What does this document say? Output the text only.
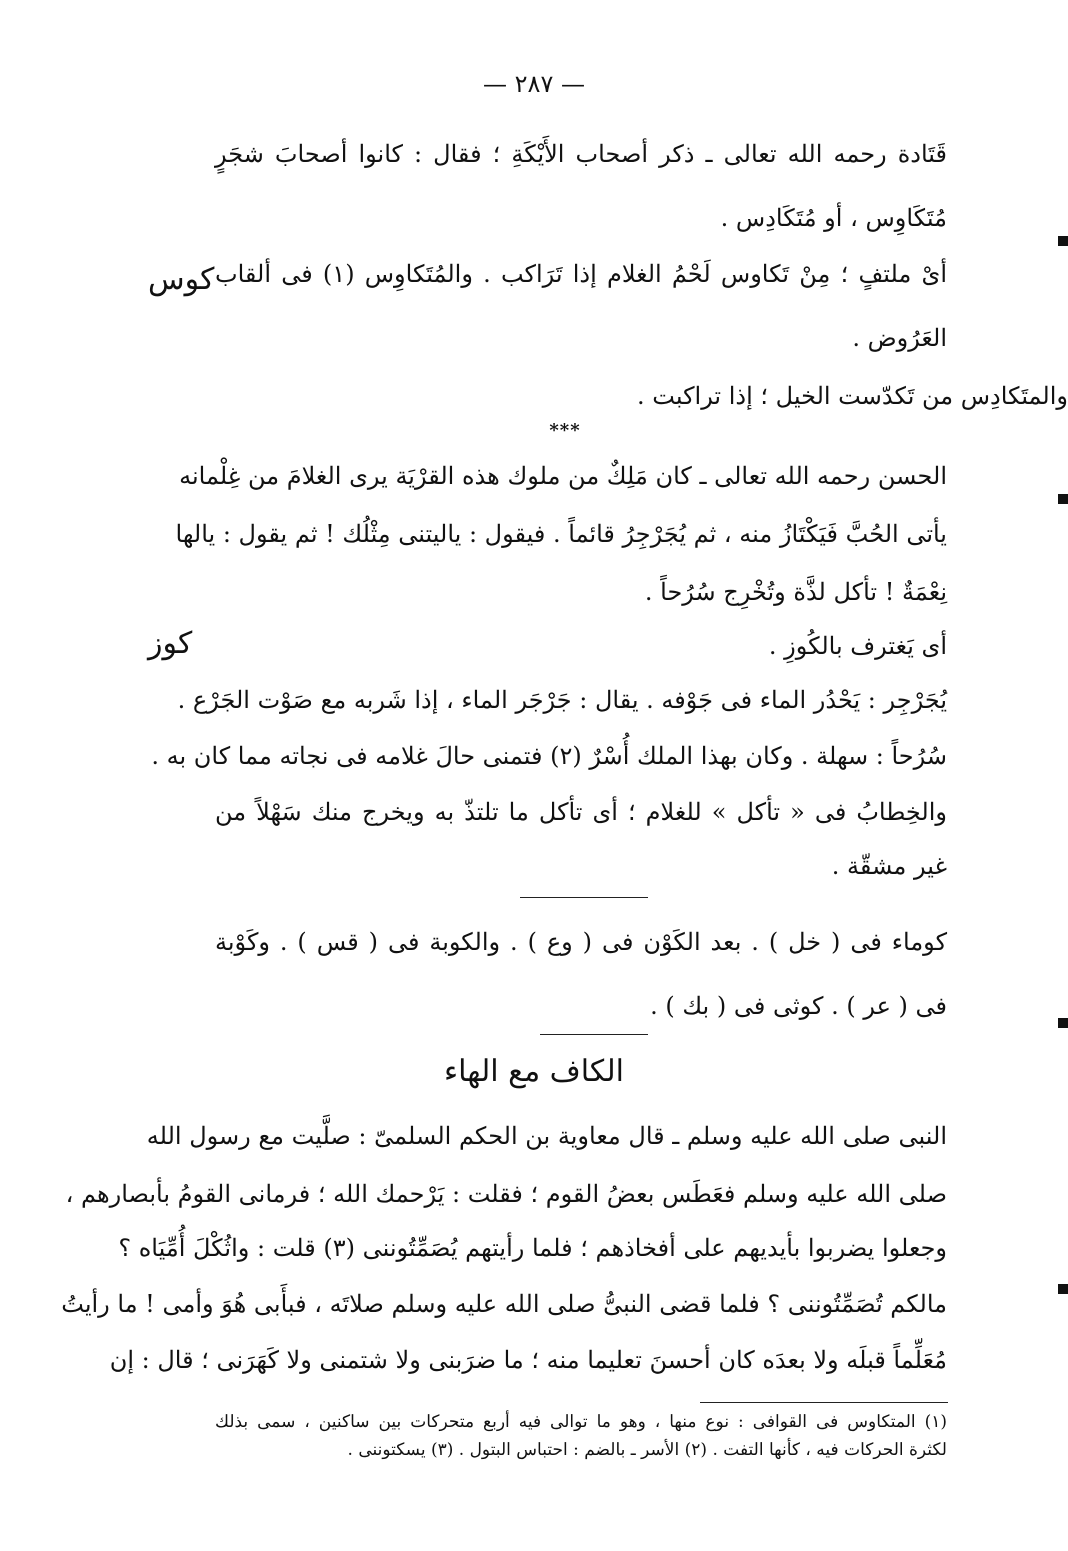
— ٢٨٧ —
قَتَادة رحمه الله تعالى ـ ذكر أصحاب الأَيْكَةِ ؛ فقال : كانوا أصحابَ شجَرٍ
مُتَكَاوِس ، أو مُتَكَادِس .
أىْ ملتفٍ ؛ مِنْ تَكاوس لَحْمُ الغلام إذا تَرَاكب . والمُتَكاوِس (١) فى ألقاب
العَرُوض .
والمتَكادِس من تَكدّست الخيل ؛ إذا تراكبت .
كوس
***
الحسن رحمه الله تعالى ـ كان مَلِكٌ من ملوك هذه القرْيَة يرى الغلامَ من غِلْمانه
يأتى الحُبَّ فَيَكْتَازُ منه ، ثم يُجَرْجِرُ قائماً . فيقول : ياليتنى مِثْلُك ! ثم يقول : يالها
نِعْمَةٌ ! تأكل لذَّة وتُخْرِج سُرُحاً .
أى يَغترف بالكُوزِ .
يُجَرْجِر : يَحْدُر الماء فى جَوْفه . يقال : جَرْجَر الماء ، إذا شَربه مع صَوْت الجَرْع .
سُرُحاً : سهلة . وكان بهذا الملك أُسْرٌ (٢) فتمنى حالَ غلامه فى نجاته مما كان به .
والخِطابُ فى « تأكل » للغلام ؛ أى تأكل ما تلتذّ به ويخرج منك سَهْلاً من
غير مشقّة .
كوز
كوماء فى ( خل ) . بعد الكَوْن فى ( وع ) . والكوبة فى ( قس ) . وكَوْبة
فى ( عر ) . كوثى فى ( بك ) .
الكاف مع الهاء
النبى صلى الله عليه وسلم ـ قال معاوية بن الحكم السلمىّ : صلَّيت مع رسول الله
صلى الله عليه وسلم فعَطَس بعضُ القوم ؛ فقلت : يَرْحمك الله ؛ فرمانى القومُ بأبصارهم ،
وجعلوا يضربوا بأيديهم على أفخاذهم ؛ فلما رأيتهم يُصَمِّتُوننى (٣) قلت : واثُكْلَ أُمِّيَاه ؟
مالكم تُصَمِّتُوننى ؟ فلما قضى النبىُّ صلى الله عليه وسلم صلاتَه ، فبأَبى هُوَ وأمى ! ما رأيتُ
مُعَلِّماً قبلَه ولا بعدَه كان أحسنَ تعليما منه ؛ ما ضرَبنى ولا شتمنى ولا كَهَرَنى ؛ قال : إن
(١) المتكاوس فى القوافى : نوع منها ، وهو ما توالى فيه أربع متحركات بين ساكنين ، سمى بذلك
لكثرة الحركات فيه ، كأنها التفت . (٢) الأسر ـ بالضم : احتباس البتول . (٣) يسكتوننى .
